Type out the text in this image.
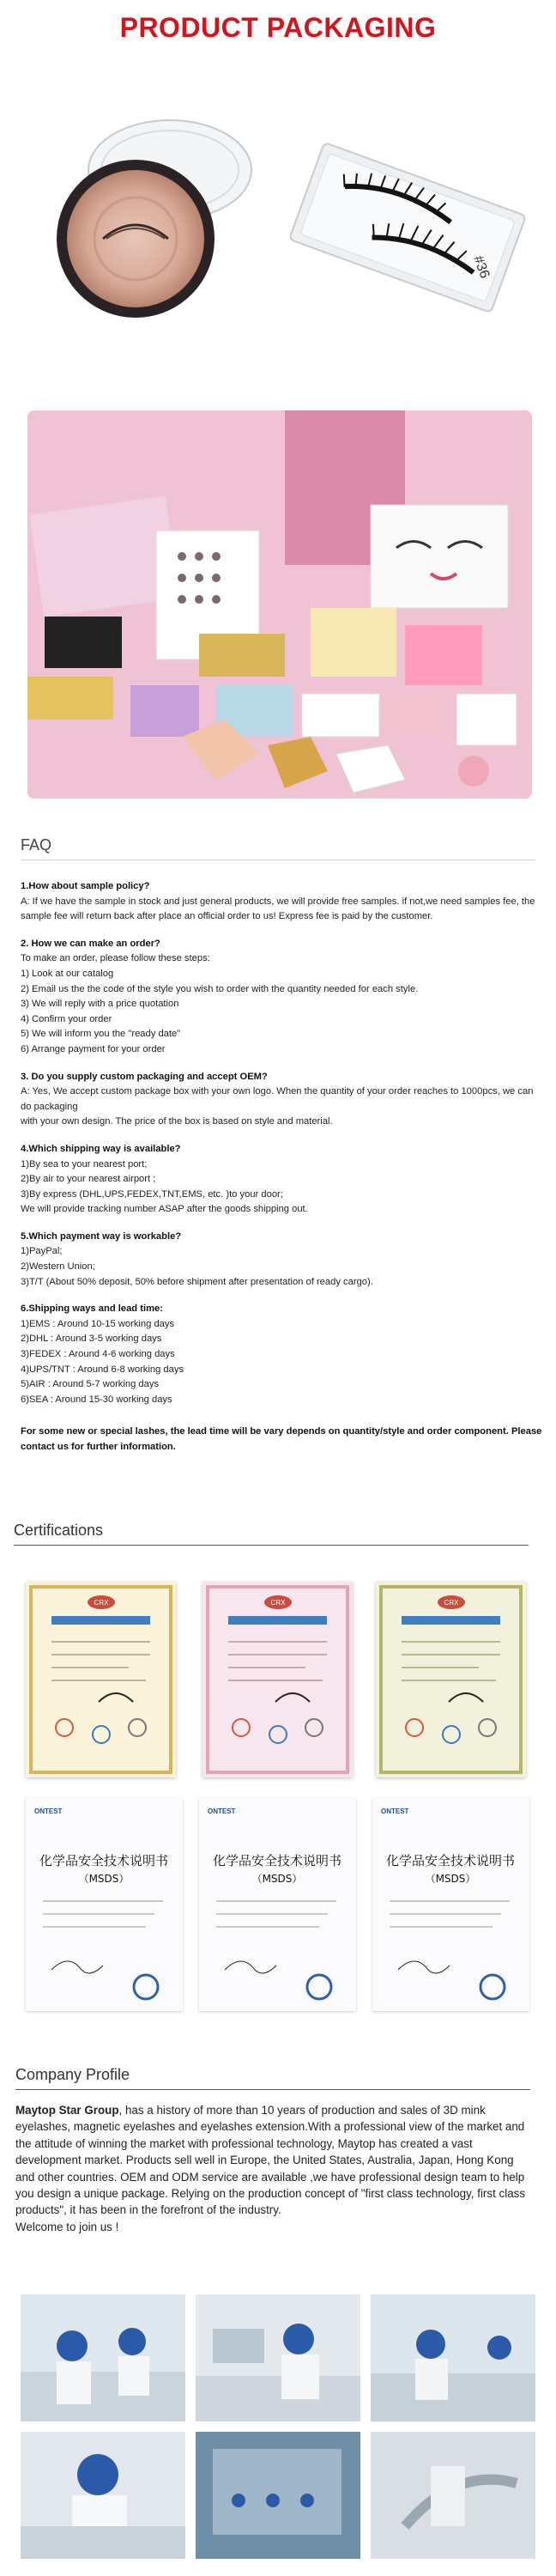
PRODUCT PACKAGING
#36
FAQ
1.How about sample policy?
A: If we have the sample in stock and just general products, we will provide free samples. if not,we need samples fee, the sample fee will return back after place an official order to us! Express fee is paid by the customer.
2. How we can make an order?
To make an order, please follow these steps:
1) Look at our catalog
2) Email us the the code of the style you wish to order with the quantity needed for each style.
3) We will reply with a price quotation
4) Confirm your order
5) We will inform you the "ready date"
6) Arrange payment for your order
3. Do you supply custom packaging and accept OEM?
A: Yes, We accept custom package box with your own logo. When the quantity of your order reaches to 1000pcs, we can do packaging
with your own design. The price of the box is based on style and material.
4.Which shipping way is available?
1)By sea to your nearest port;
2)By air to your nearest airport ;
3)By express (DHL,UPS,FEDEX,TNT,EMS, etc. )to your door;
We will provide tracking number ASAP after the goods shipping out.
5.Which payment way is workable?
1)PayPal;
2)Western Union;
3)T/T (About 50% deposit, 50% before shipment after presentation of ready cargo).
6.Shipping ways and lead time:
1)EMS : Around 10-15 working days
2)DHL : Around 3-5 working days
3)FEDEX : Around 4-6 working days
4)UPS/TNT : Around 6-8 working days
5)AIR : Around 5-7 working days
6)SEA : Around 15-30 working days
For some new or special lashes, the lead time will be vary depends on quantity/style and order component. Please contact us for further information.
Certifications
CRX	CRX	CRX
ONTEST
化学品安全技术说明书
（MSDS）
ONTEST
化学品安全技术说明书
（MSDS）
ONTEST
化学品安全技术说明书
（MSDS）
Company Profile
Maytop Star Group, has a history of more than 10 years of production and sales of 3D mink eyelashes, magnetic eyelashes and eyelashes extension.With a professional view of the market and the attitude of winning the market with professional technology, Maytop has created a vast development market. Products sell well in Europe, the United States, Australia, Japan, Hong Kong and other countries. OEM and ODM service are available ,we have professional design team to help you design a unique package. Relying on the production concept of "first class technology, first class products", it has been in the forefront of the industry.
Welcome to join us !
